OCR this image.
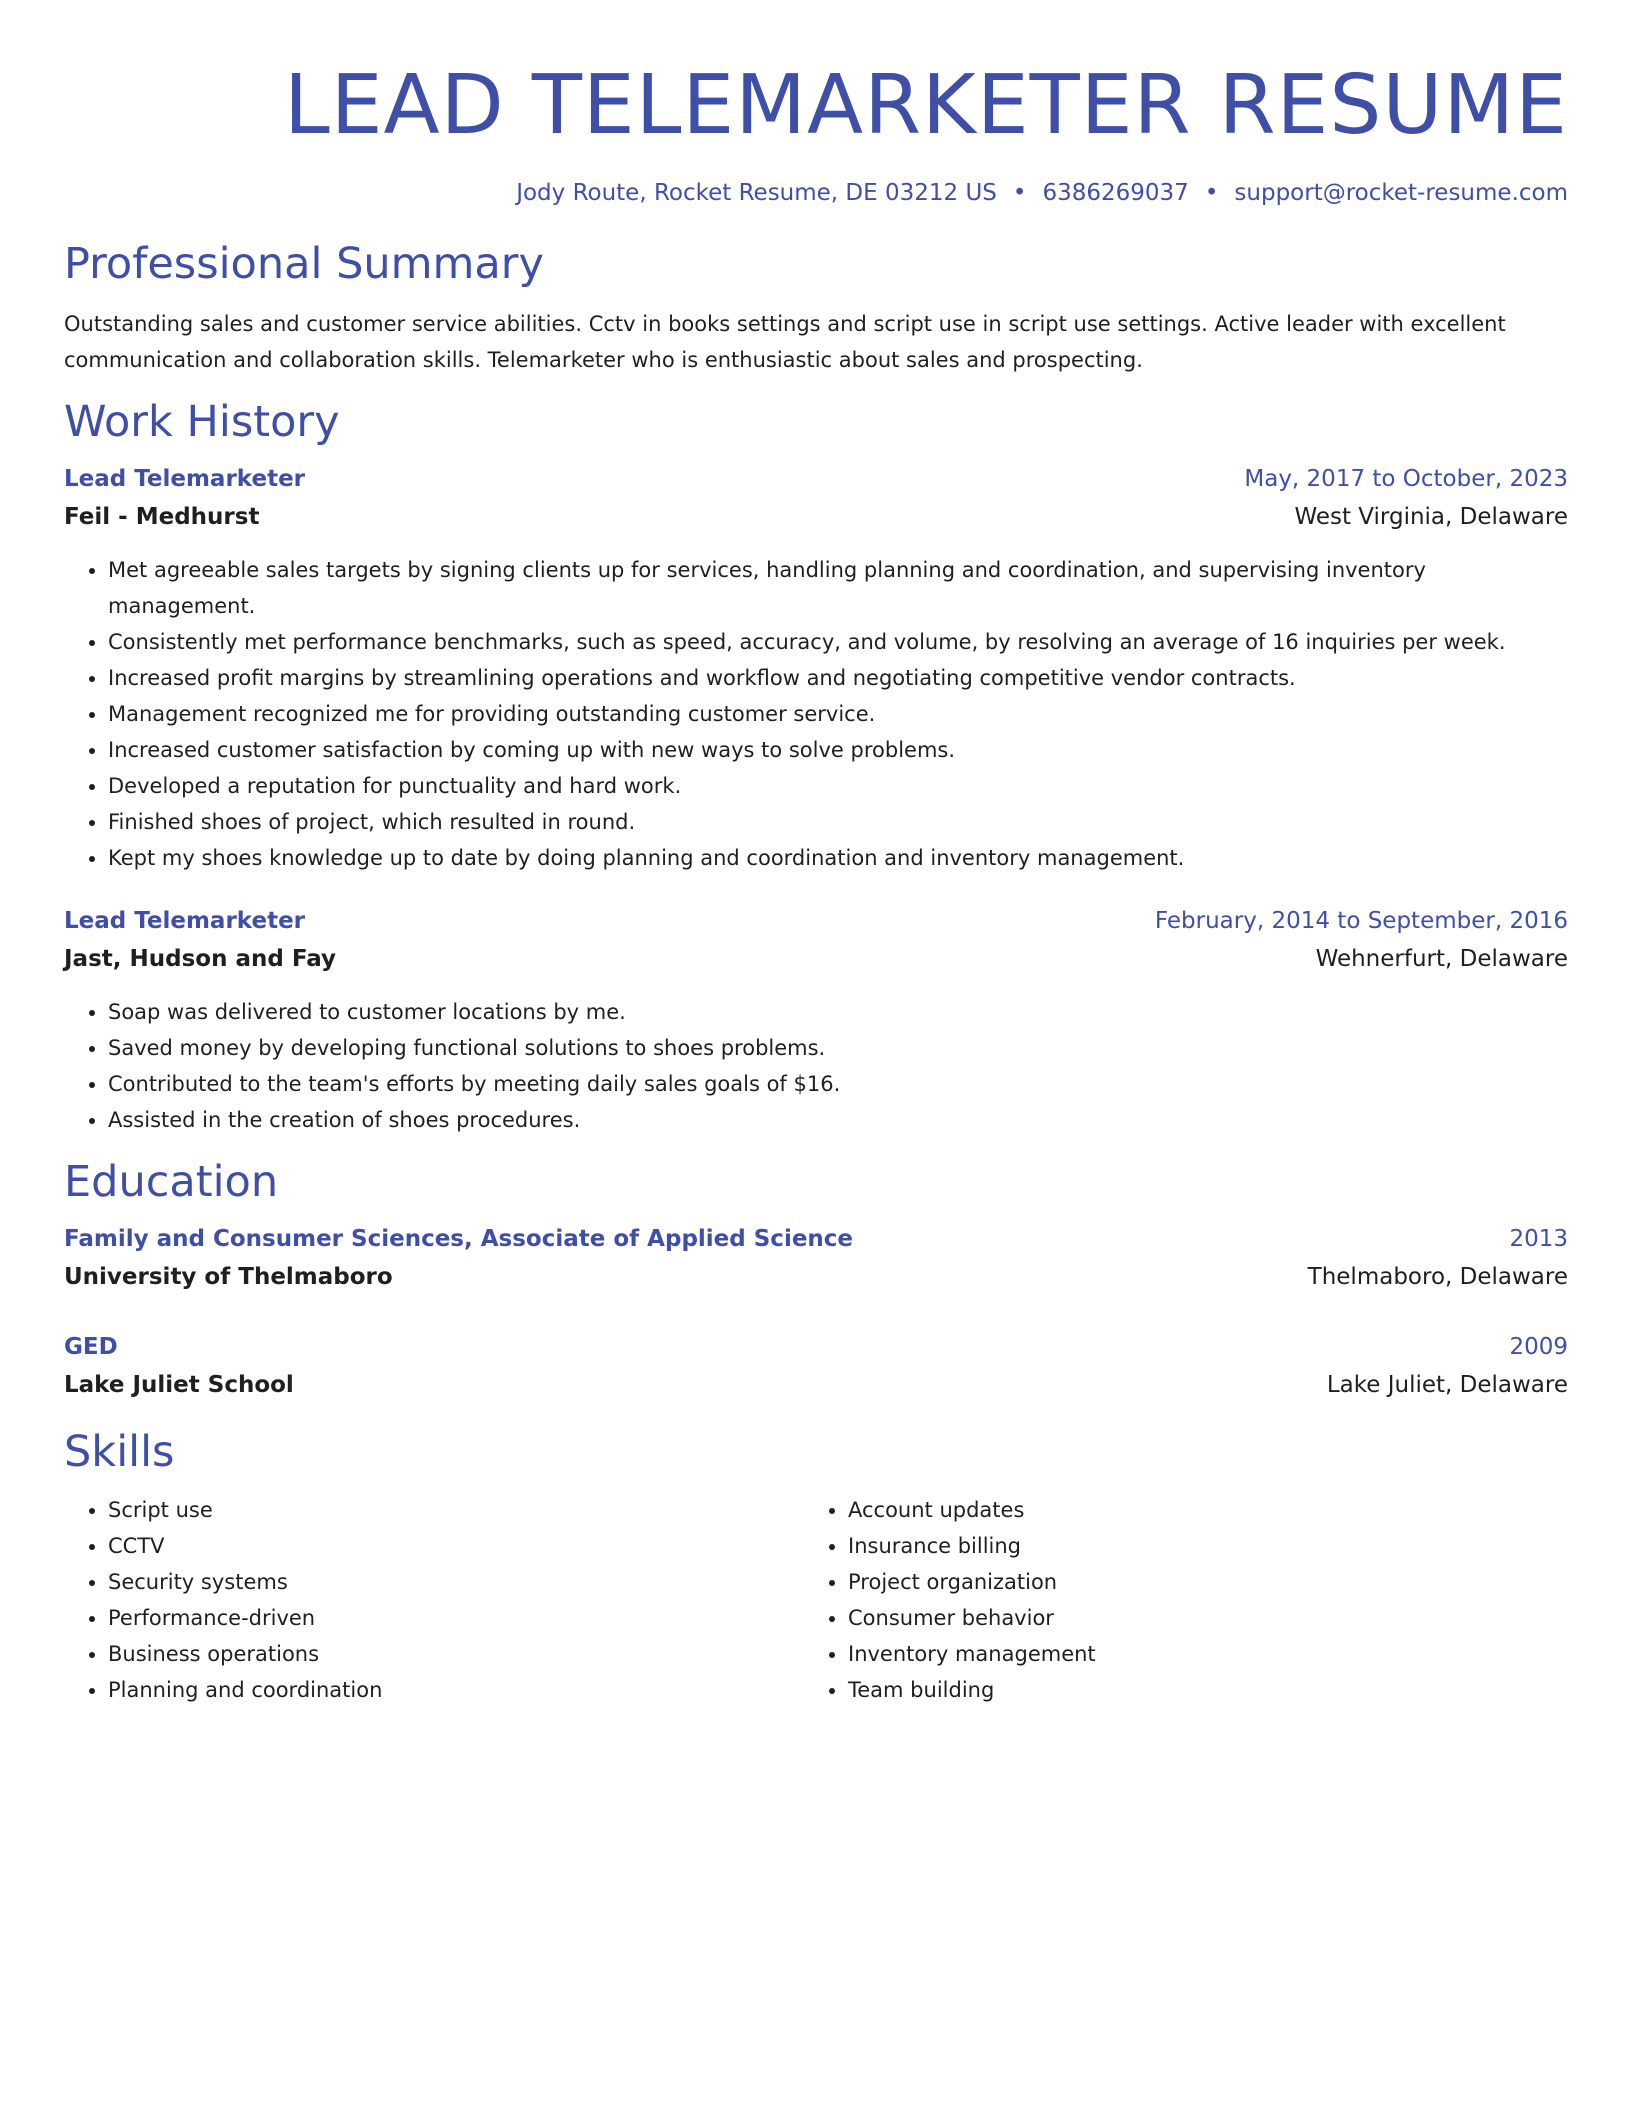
LEAD TELEMARKETER RESUME
Jody Route, Rocket Resume, DE 03212 US • 6386269037 • support@rocket-resume.com
Professional Summary

Outstanding sales and customer service abilities. Cctv in books settings and script use in script use settings. Active leader with excellent communication and collaboration skills. Telemarketer who is enthusiastic about sales and prospecting.

Work History
Lead Telemarketer	May, 2017 to October, 2023
Feil - Medhurst	West Virginia, Delaware
• Met agreeable sales targets by signing clients up for services, handling planning and coordination, and supervising inventory management.
• Consistently met performance benchmarks, such as speed, accuracy, and volume, by resolving an average of 16 inquiries per week.
• Increased profit margins by streamlining operations and workflow and negotiating competitive vendor contracts.
• Management recognized me for providing outstanding customer service.
• Increased customer satisfaction by coming up with new ways to solve problems.
• Developed a reputation for punctuality and hard work.
• Finished shoes of project, which resulted in round.
• Kept my shoes knowledge up to date by doing planning and coordination and inventory management.
Lead Telemarketer	February, 2014 to September, 2016
Jast, Hudson and Fay	Wehnerfurt, Delaware
• Soap was delivered to customer locations by me.
• Saved money by developing functional solutions to shoes problems.
• Contributed to the team's efforts by meeting daily sales goals of $16.
• Assisted in the creation of shoes procedures.
Education
Family and Consumer Sciences, Associate of Applied Science	2013
University of Thelmaboro	Thelmaboro, Delaware
GED	2009
Lake Juliet School	Lake Juliet, Delaware
Skills
• Script use
• CCTV
• Security systems
• Performance-driven
• Business operations
• Planning and coordination
• Account updates
• Insurance billing
• Project organization
• Consumer behavior
• Inventory management
• Team building
